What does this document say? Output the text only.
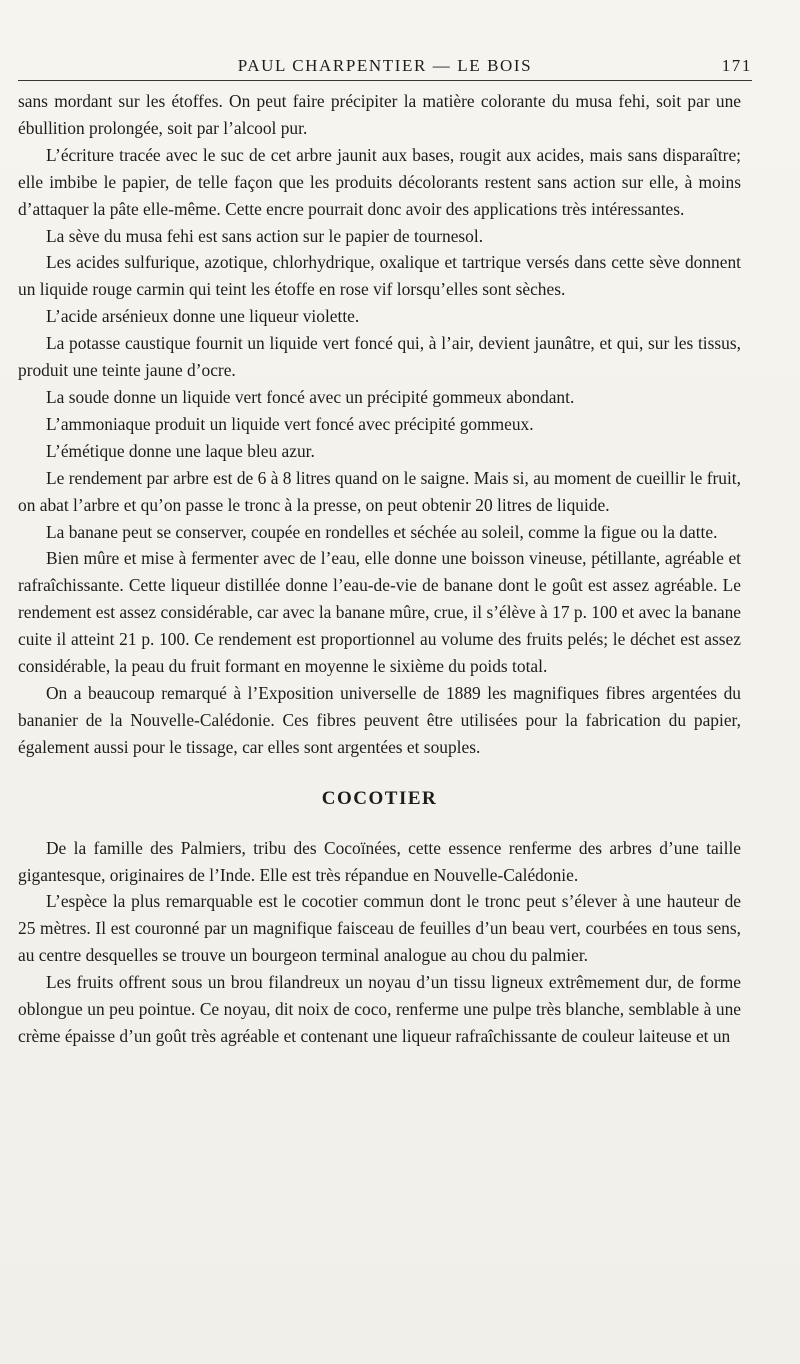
PAUL CHARPENTIER — LE BOIS	171

sans mordant sur les étoffes. On peut faire précipiter la matière colorante du musa fehi, soit par une ébullition prolongée, soit par l’alcool pur.

L’écriture tracée avec le suc de cet arbre jaunit aux bases, rougit aux acides, mais sans disparaître; elle imbibe le papier, de telle façon que les produits décolorants restent sans action sur elle, à moins d’attaquer la pâte elle-même. Cette encre pourrait donc avoir des applications très intéressantes.

La sève du musa fehi est sans action sur le papier de tournesol.

Les acides sulfurique, azotique, chlorhydrique, oxalique et tartrique versés dans cette sève donnent un liquide rouge carmin qui teint les étoffe en rose vif lorsqu’elles sont sèches.

L’acide arsénieux donne une liqueur violette.

La potasse caustique fournit un liquide vert foncé qui, à l’air, devient jaunâtre, et qui, sur les tissus, produit une teinte jaune d’ocre.

La soude donne un liquide vert foncé avec un précipité gommeux abondant.

L’ammoniaque produit un liquide vert foncé avec précipité gommeux.

L’émétique donne une laque bleu azur.

Le rendement par arbre est de 6 à 8 litres quand on le saigne. Mais si, au moment de cueillir le fruit, on abat l’arbre et qu’on passe le tronc à la presse, on peut obtenir 20 litres de liquide.

La banane peut se conserver, coupée en rondelles et séchée au soleil, comme la figue ou la datte.

Bien mûre et mise à fermenter avec de l’eau, elle donne une boisson vineuse, pétillante, agréable et rafraîchissante. Cette liqueur distillée donne l’eau-de-vie de banane dont le goût est assez agréable. Le rendement est assez considérable, car avec la banane mûre, crue, il s’élève à 17 p. 100 et avec la banane cuite il atteint 21 p. 100. Ce rendement est proportionnel au volume des fruits pelés; le déchet est assez considérable, la peau du fruit formant en moyenne le sixième du poids total.

On a beaucoup remarqué à l’Exposition universelle de 1889 les magnifiques fibres argentées du bananier de la Nouvelle-Calédonie. Ces fibres peuvent être utilisées pour la fabrication du papier, également aussi pour le tissage, car elles sont argentées et souples.

COCOTIER

De la famille des Palmiers, tribu des Cocoïnées, cette essence renferme des arbres d’une taille gigantesque, originaires de l’Inde. Elle est très répandue en Nouvelle-Calédonie.

L’espèce la plus remarquable est le cocotier commun dont le tronc peut s’élever à une hauteur de 25 mètres. Il est couronné par un magnifique faisceau de feuilles d’un beau vert, courbées en tous sens, au centre desquelles se trouve un bourgeon terminal analogue au chou du palmier.

Les fruits offrent sous un brou filandreux un noyau d’un tissu ligneux extrêmement dur, de forme oblongue un peu pointue. Ce noyau, dit noix de coco, renferme une pulpe très blanche, semblable à une crème épaisse d’un goût très agréable et contenant une liqueur rafraîchissante de couleur laiteuse et un
